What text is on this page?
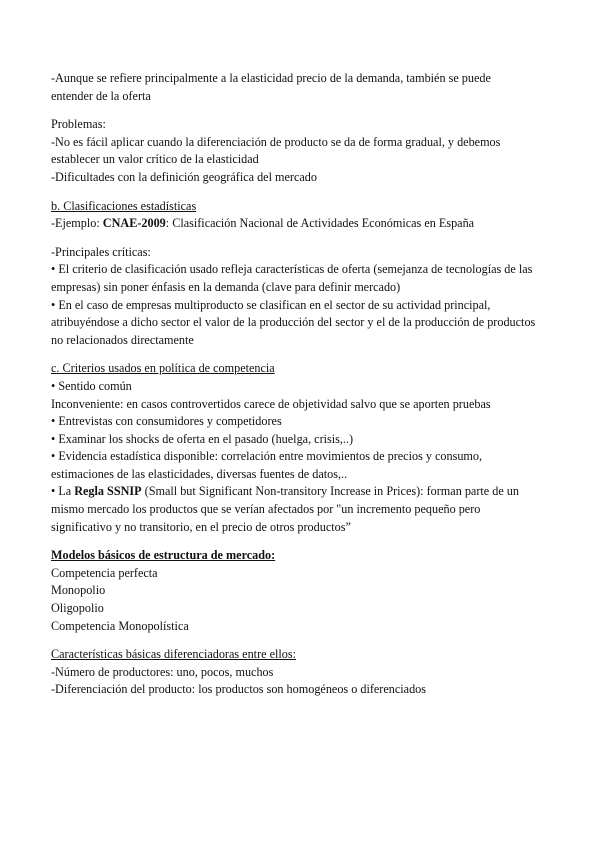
-Aunque se refiere principalmente a la elasticidad precio de la demanda, también se puede

entender de la oferta

Problemas:

-No es fácil aplicar cuando la diferenciación de producto se da de forma gradual, y debemos

establecer un valor crítico de la elasticidad

-Dificultades con la definición geográfica del mercado

b. Clasificaciones estadísticas

-Ejemplo: CNAE-2009: Clasificación Nacional de Actividades Económicas en España

-Principales críticas:

• El criterio de clasificación usado refleja características de oferta (semejanza de tecnologías de las

empresas) sin poner énfasis en la demanda (clave para definir mercado)

• En el caso de empresas multiproducto se clasifican en el sector de su actividad principal,

atribuyéndose a dicho sector el valor de la producción del sector y el de la producción de productos

no relacionados directamente

c. Criterios usados en política de competencia

• Sentido común

Inconveniente: en casos controvertidos carece de objetividad salvo que se aporten pruebas

• Entrevistas con consumidores y competidores

• Examinar los shocks de oferta en el pasado (huelga, crisis,..)

• Evidencia estadística disponible: correlación entre movimientos de precios y consumo,

estimaciones de las elasticidades, diversas fuentes de datos,..

• La Regla SSNIP (Small but Significant Non-transitory Increase in Prices): forman parte de un

mismo mercado los productos que se verían afectados por "un incremento pequeño pero

significativo y no transitorio, en el precio de otros productos”

Modelos básicos de estructura de mercado:

Competencia perfecta

Monopolio

Oligopolio

Competencia Monopolística

Características básicas diferenciadoras entre ellos:

-Número de productores: uno, pocos, muchos

-Diferenciación del producto: los productos son homogéneos o diferenciados
